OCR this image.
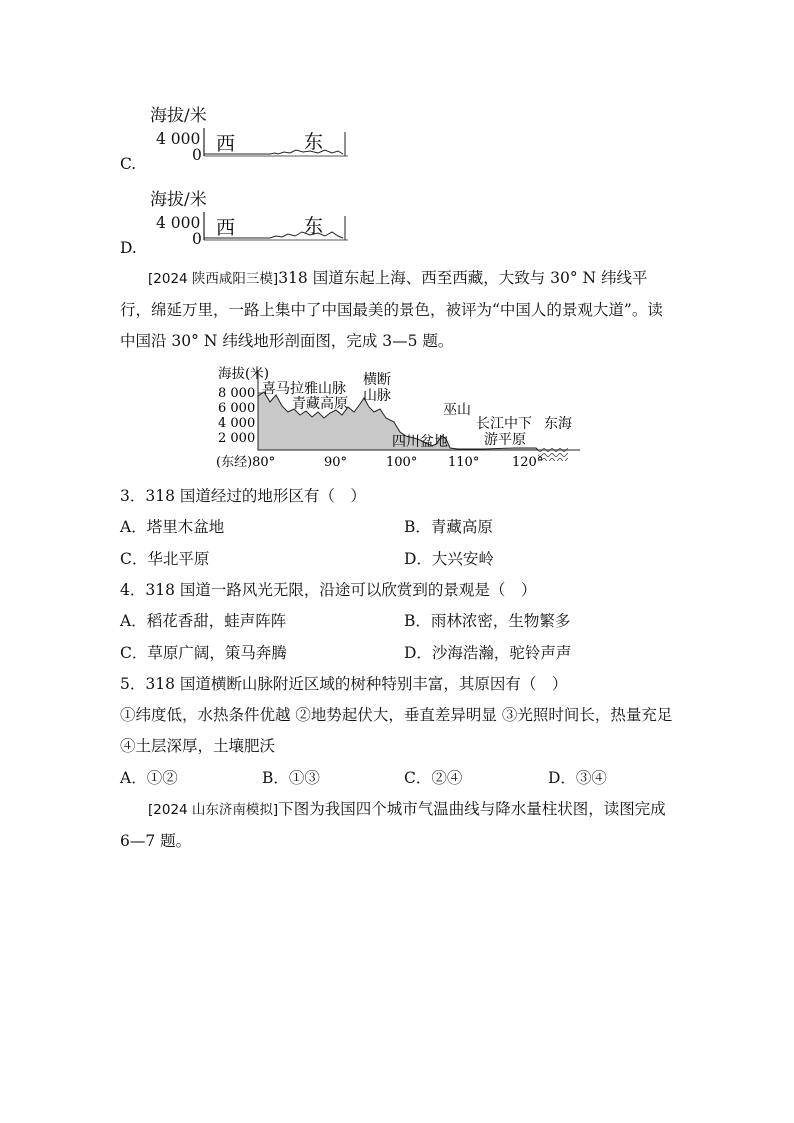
海拔/米
4 000
0
C.
西	东
海拔/米
4 000
0
D.
西	东
[2024 陕西咸阳三模]318 国道东起上海、西至西藏，大致与 30° N 纬线平行，绵延万里，一路上集中了中国最美的景色，被评为“中国人的景观大道”。读中国沿 30° N 纬线地形剖面图，完成 3—5 题。
海拔(米)
8 000
6 000
4 000
2 000
(东经)80°	90°	100° 110°	120°
喜马拉雅山脉
青藏高原
横断
山脉
巫山
四川盆地
长江中下
游平原
东海
3．318 国道经过的地形区有（　）
A．塔里木盆地	B．青藏高原
C．华北平原	D．大兴安岭
4．318 国道一路风光无限，沿途可以欣赏到的景观是（　）
A．稻花香甜，蛙声阵阵	B．雨林浓密，生物繁多
C．草原广阔，策马奔腾	D．沙海浩瀚，驼铃声声
5．318 国道横断山脉附近区域的树种特别丰富，其原因有（　）
①纬度低，水热条件优越 ②地势起伏大，垂直差异明显 ③光照时间长，热量充足 ④土层深厚，土壤肥沃
A．①②	B．①③	C．②④	D．③④
[2024 山东济南模拟]下图为我国四个城市气温曲线与降水量柱状图，读图完成 6—7 题。
